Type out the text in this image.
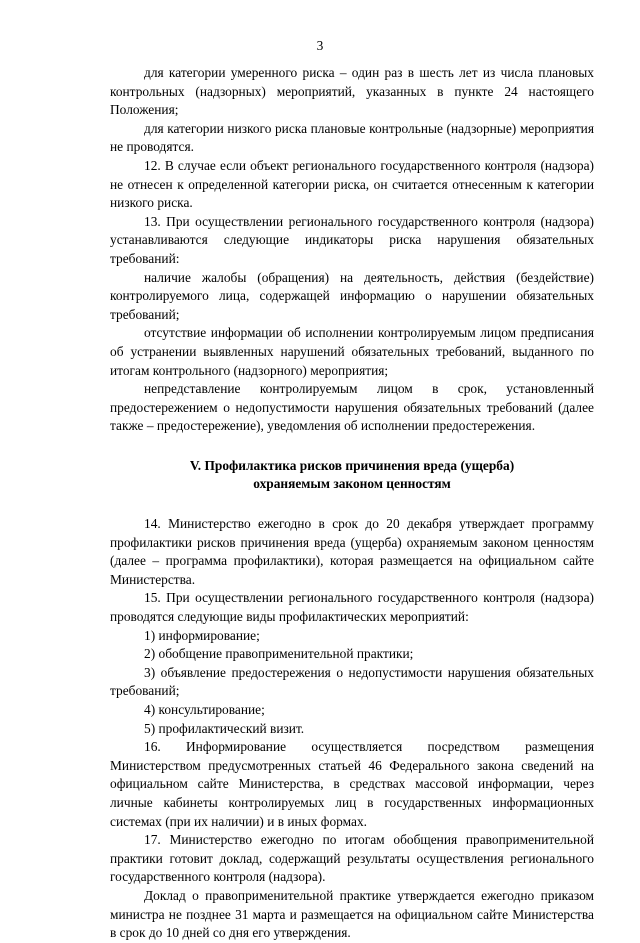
3

для категории умеренного риска – один раз в шесть лет из числа плановых контрольных (надзорных) мероприятий, указанных в пункте 24 настоящего Положения;

для категории низкого риска плановые контрольные (надзорные) мероприятия не проводятся.

12. В случае если объект регионального государственного контроля (надзора) не отнесен к определенной категории риска, он считается отнесенным к категории низкого риска.

13. При осуществлении регионального государственного контроля (надзора) устанавливаются следующие индикаторы риска нарушения обязательных требований:

наличие жалобы (обращения) на деятельность, действия (бездействие) контролируемого лица, содержащей информацию о нарушении обязательных требований;

отсутствие информации об исполнении контролируемым лицом предписания об устранении выявленных нарушений обязательных требований, выданного по итогам контрольного (надзорного) мероприятия;

непредставление контролируемым лицом в срок, установленный предостережением о недопустимости нарушения обязательных требований (далее также – предостережение), уведомления об исполнении предостережения.

V. Профилактика рисков причинения вреда (ущерба)

охраняемым законом ценностям

14. Министерство ежегодно в срок до 20 декабря утверждает программу профилактики рисков причинения вреда (ущерба) охраняемым законом ценностям (далее – программа профилактики), которая размещается на официальном сайте Министерства.

15. При осуществлении регионального государственного контроля (надзора) проводятся следующие виды профилактических мероприятий:

1) информирование;

2) обобщение правоприменительной практики;

3) объявление предостережения о недопустимости нарушения обязательных требований;

4) консультирование;

5) профилактический визит.

16. Информирование осуществляется посредством размещения Министерством предусмотренных статьей 46 Федерального закона сведений на официальном сайте Министерства, в средствах массовой информации, через личные кабинеты контролируемых лиц в государственных информационных системах (при их наличии) и в иных формах.

17. Министерство ежегодно по итогам обобщения правоприменительной практики готовит доклад, содержащий результаты осуществления регионального государственного контроля (надзора).

Доклад о правоприменительной практике утверждается ежегодно приказом министра не позднее 31 марта и размещается на официальном сайте Министерства в срок до 10 дней со дня его утверждения.
